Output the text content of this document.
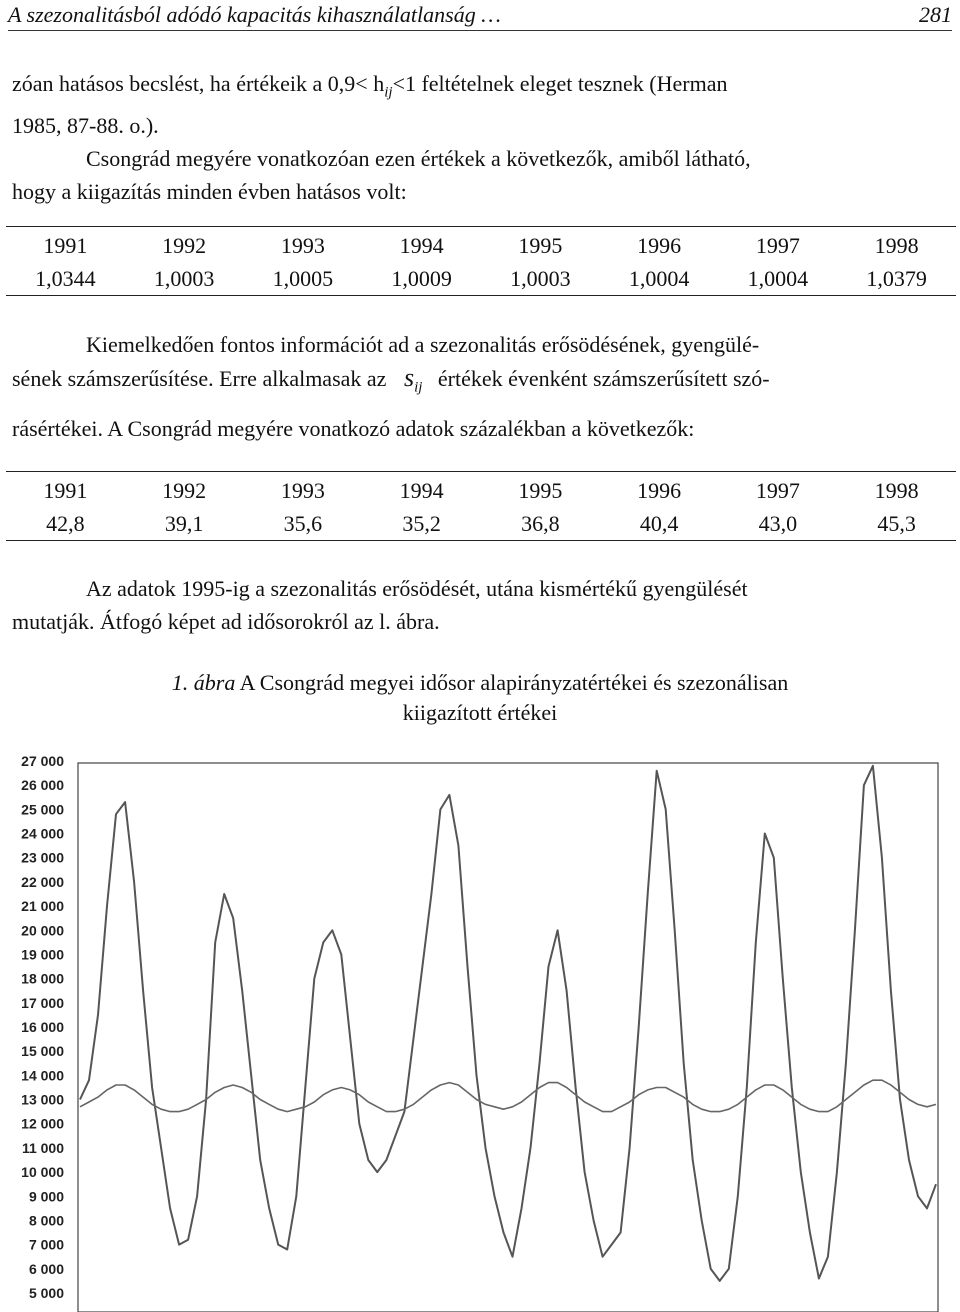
A szezonalitásból adódó kapacitás kihasználatlanság …	281
zóan hatásos becslést, ha értékeik a $0,9< h_{ij}<1$ feltételnek eleget tesznek (Herman
1985, 87-88. o.).
Csongrád megyére vonatkozóan ezen értékek a következők, amiből látható,
hogy a kiigazítás minden évben hatásos volt:
1991	1992	1993	1994	1995	1996	1997	1998
1,0344	1,0003	1,0005	1,0009	1,0003	1,0004	1,0004	1,0379
Kiemelkedően fontos információt ad a szezonalitás erősödésének, gyengülé-
sének számszerűsítése. Erre alkalmasak az $s_{ij}$ értékek évenként számszerűsített szó-
rásértékei. A Csongrád megyére vonatkozó adatok százalékban a következők:
1991	1992	1993	1994	1995	1996	1997	1998
42,8	39,1	35,6	35,2	36,8	40,4	43,0	45,3
Az adatok 1995-ig a szezonalitás erősödését, utána kismértékű gyengülését
mutatják. Átfogó képet ad idősorokról az l. ábra.
1. ábra A Csongrád megyei idősor alapirányzatértékei és szezonálisan
kiigazított értékei
27 000
26 000
25 000
24 000
23 000
22 000
21 000
20 000
19 000
18 000
17 000
16 000
15 000
14 000
13 000
12 000
11 000
10 000
9 000
8 000
7 000
6 000
5 000
